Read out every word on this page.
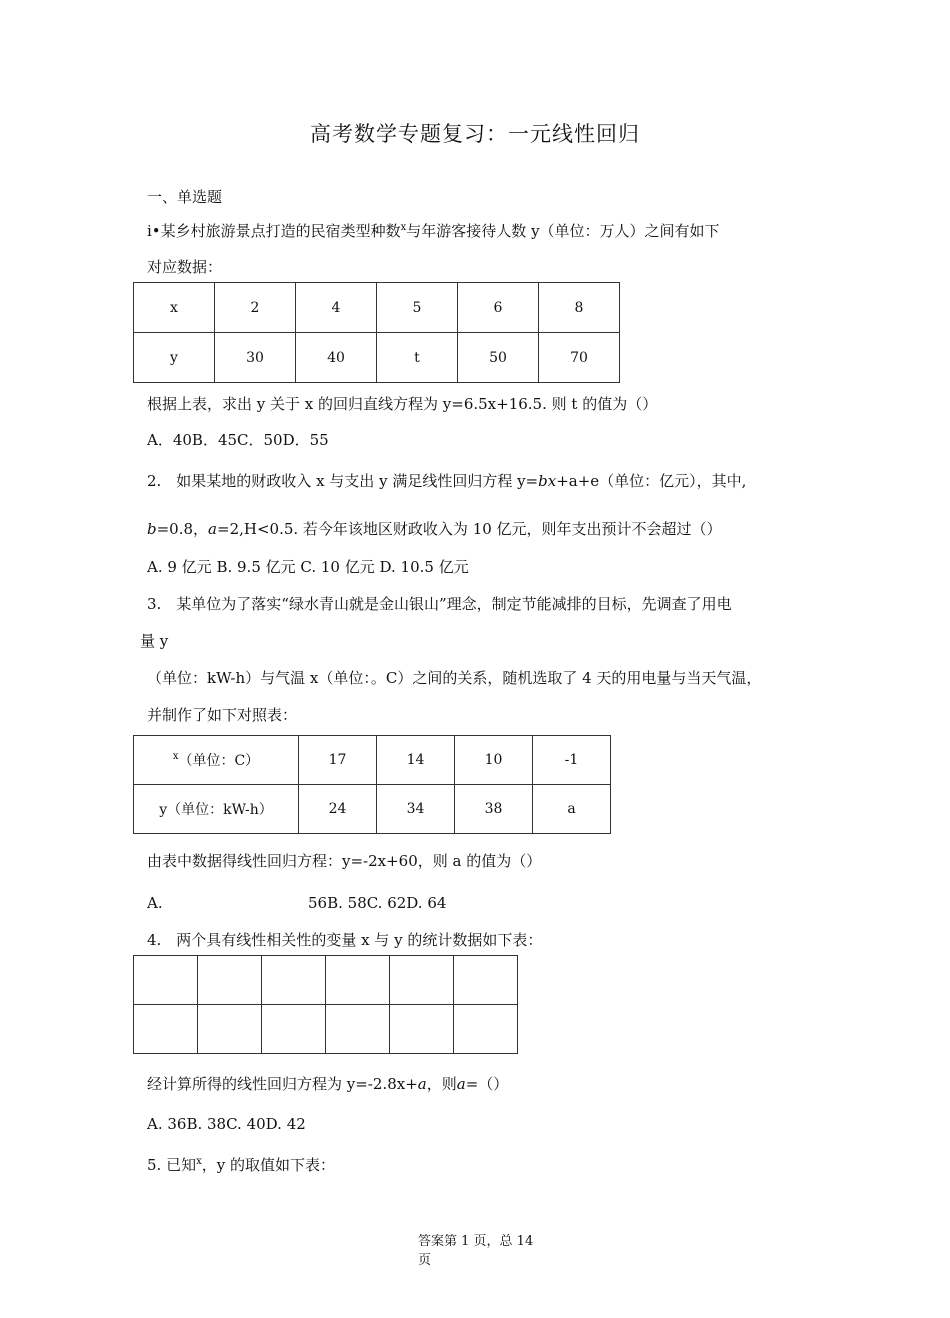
高考数学专题复习：一元线性回归
一、单选题
i•某乡村旅游景点打造的民宿类型种数$^x$与年游客接待人数 y（单位：万人）之间有如下
对应数据：
x	2	4	5	6	8
y	30	40	t	50	70
根据上表，求出 y 关于 x 的回归直线方程为 y=6.5x+16.5. 则 t 的值为（）
A．40B．45C．50D．55
2.　如果某地的财政收入 x 与支出 y 满足线性回归方程 y=bx+a+e（单位：亿元），其中,
b=0.8，a=2,H<0.5. 若今年该地区财政收入为 10 亿元，则年支出预计不会超过（）
A. 9 亿元 B. 9.5 亿元 C. 10 亿元 D. 10.5 亿元
3.　某单位为了落实“绿水青山就是金山银山”理念，制定节能减排的目标，先调查了用电
量 y
（单位：kW-h）与气温 x（单位：。C）之间的关系，随机选取了 4 天的用电量与当天气温，
并制作了如下对照表：
$^x$（单位：C）	17	14	10	-1
y（单位：kW-h）	24	34	38	a
由表中数据得线性回归方程：y=-2x+60，则 a 的值为（）
A.	56B. 58C. 62D. 64
4.　两个具有线性相关性的变量 x 与 y 的统计数据如下表：

经计算所得的线性回归方程为 y=-2.8x+a，则a=（）
A. 36B. 38C. 40D. 42
5. 已知$^x$，y 的取值如下表：
答案第 1 页，总 14
页
